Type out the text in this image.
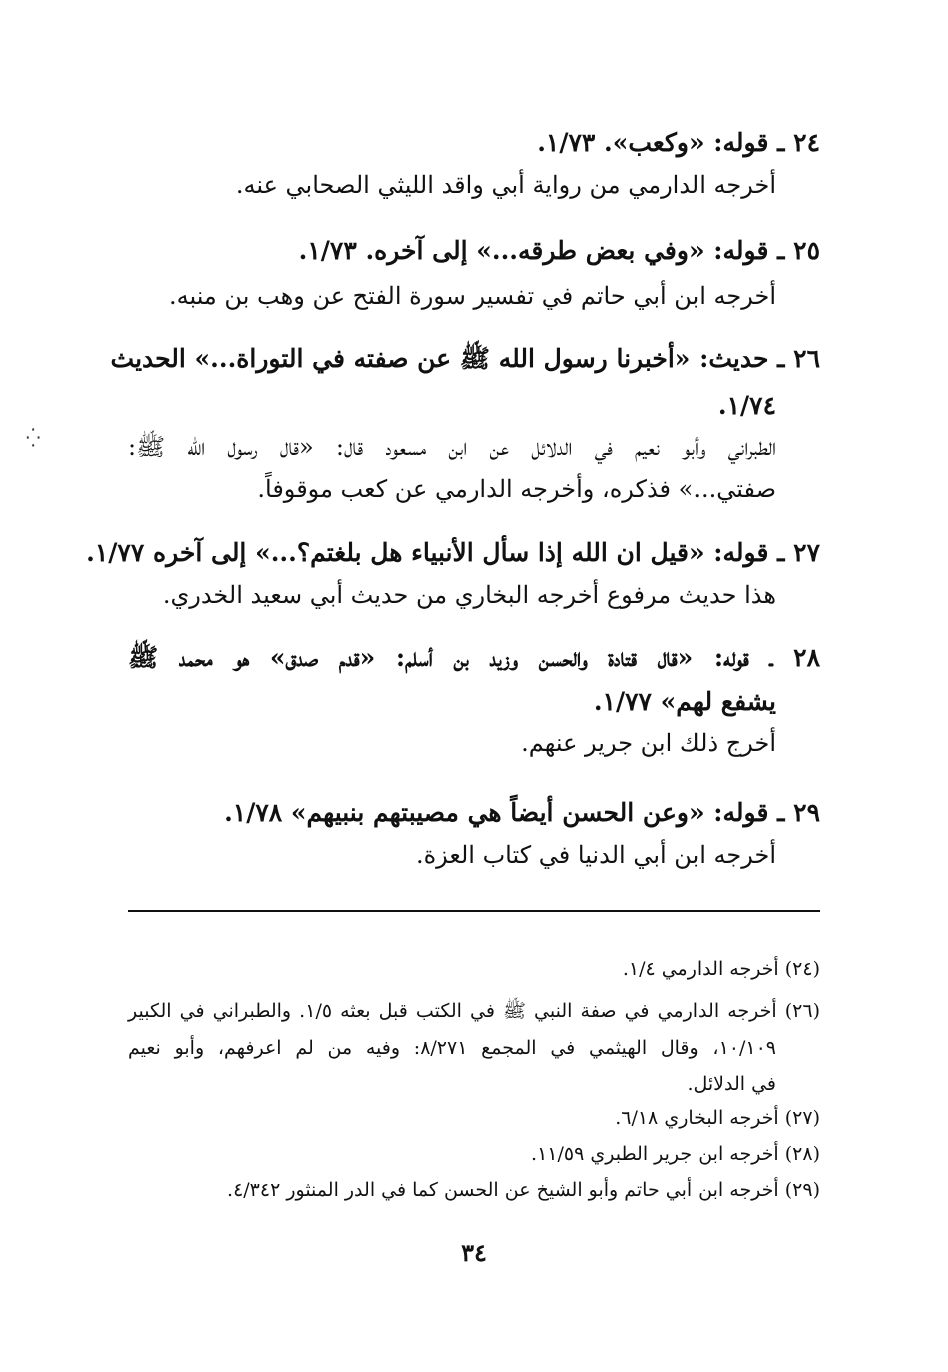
٢٤ ـ قوله: «وكعب». ١/٧٣.
أخرجه الدارمي من رواية أبي واقد الليثي الصحابي عنه.
٢٥ ـ قوله: «وفي بعض طرقه...» إلى آخره. ١/٧٣.
أخرجه ابن أبي حاتم في تفسير سورة الفتح عن وهب بن منبه.
٢٦ ـ حديث: «أخبرنا رسول الله ﷺ عن صفته في التوراة...» الحديث
١/٧٤.
الطبراني وأبو نعيم في الدلائل عن ابن مسعود قال: «قال رسول الله ﷺ:
صفتي...» فذكره، وأخرجه الدارمي عن كعب موقوفاً.
٢٧ ـ قوله: «قيل ان الله إذا سأل الأنبياء هل بلغتم؟...» إلى آخره ١/٧٧.
هذا حديث مرفوع أخرجه البخاري من حديث أبي سعيد الخدري.
٢٨ ـ قوله: «قال قتادة والحسن وزيد بن أسلم: «قدم صدق» هو محمد ﷺ
يشفع لهم» ١/٧٧.
أخرج ذلك ابن جرير عنهم.
٢٩ ـ قوله: «وعن الحسن أيضاً هي مصيبتهم بنبيهم» ١/٧٨.
أخرجه ابن أبي الدنيا في كتاب العزة.
(٢٤) أخرجه الدارمي ١/٤.
(٢٦) أخرجه الدارمي في صفة النبي ﷺ في الكتب قبل بعثه ١/٥. والطبراني في الكبير
١٠/١٠٩، وقال الهيثمي في المجمع ٨/٢٧١: وفيه من لم اعرفهم، وأبو نعيم
في الدلائل.
(٢٧) أخرجه البخاري ٦/١٨.
(٢٨) أخرجه ابن جرير الطبري ١١/٥٩.
(٢٩) أخرجه ابن أبي حاتم وأبو الشيخ عن الحسن كما في الدر المنثور ٤/٣٤٢.
٣٤
⁛
